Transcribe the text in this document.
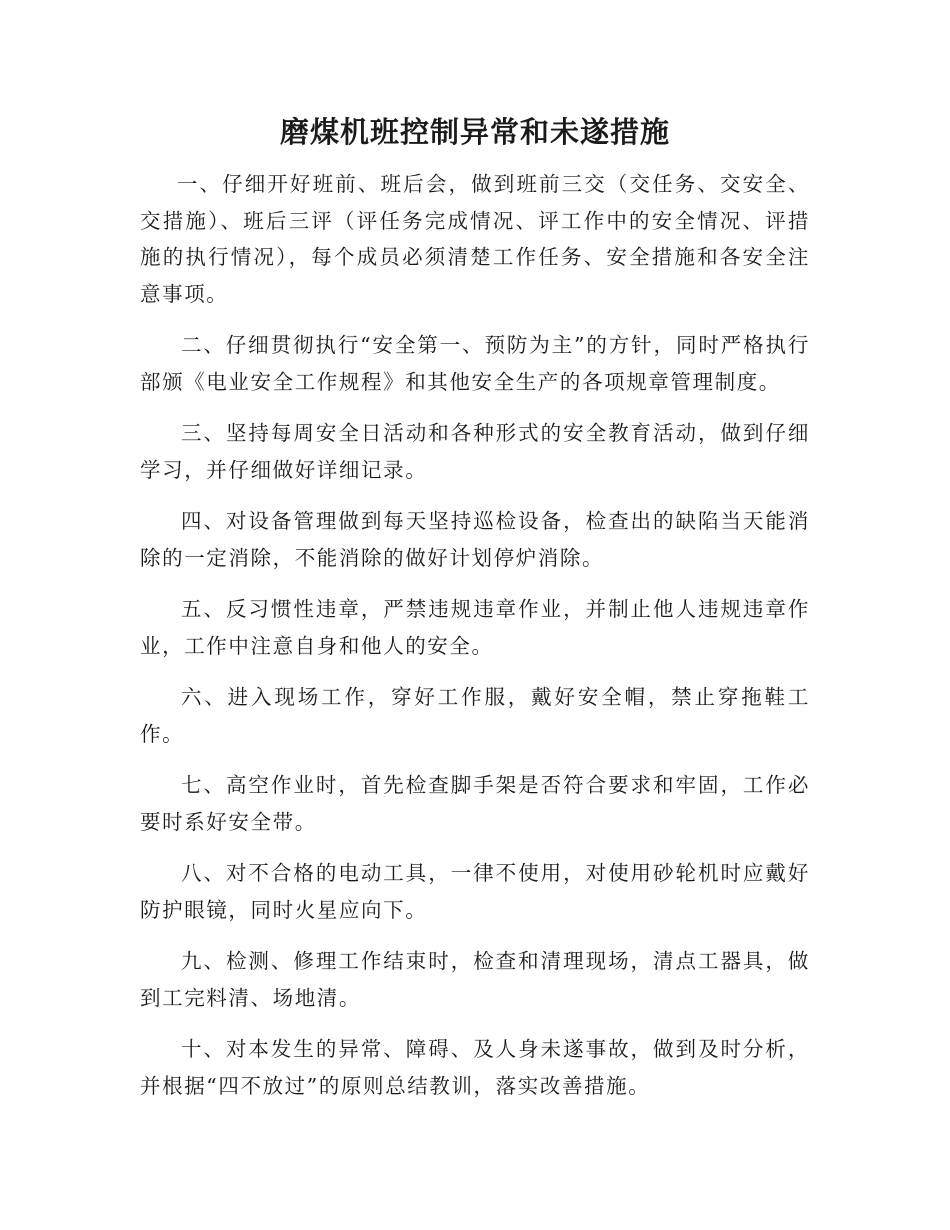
磨煤机班控制异常和未遂措施

一、仔细开好班前、班后会，做到班前三交（交任务、交安全、交措施）、班后三评（评任务完成情况、评工作中的安全情况、评措施的执行情况），每个成员必须清楚工作任务、安全措施和各安全注意事项。

二、仔细贯彻执行“安全第一、预防为主”的方针，同时严格执行部颁《电业安全工作规程》和其他安全生产的各项规章管理制度。

三、坚持每周安全日活动和各种形式的安全教育活动，做到仔细学习，并仔细做好详细记录。

四、对设备管理做到每天坚持巡检设备，检查出的缺陷当天能消除的一定消除，不能消除的做好计划停炉消除。

五、反习惯性违章，严禁违规违章作业，并制止他人违规违章作业，工作中注意自身和他人的安全。

六、进入现场工作，穿好工作服，戴好安全帽，禁止穿拖鞋工作。

七、高空作业时，首先检查脚手架是否符合要求和牢固，工作必要时系好安全带。

八、对不合格的电动工具，一律不使用，对使用砂轮机时应戴好防护眼镜，同时火星应向下。

九、检测、修理工作结束时，检查和清理现场，清点工器具，做到工完料清、场地清。

十、对本发生的异常、障碍、及人身未遂事故，做到及时分析，并根据“四不放过”的原则总结教训，落实改善措施。
